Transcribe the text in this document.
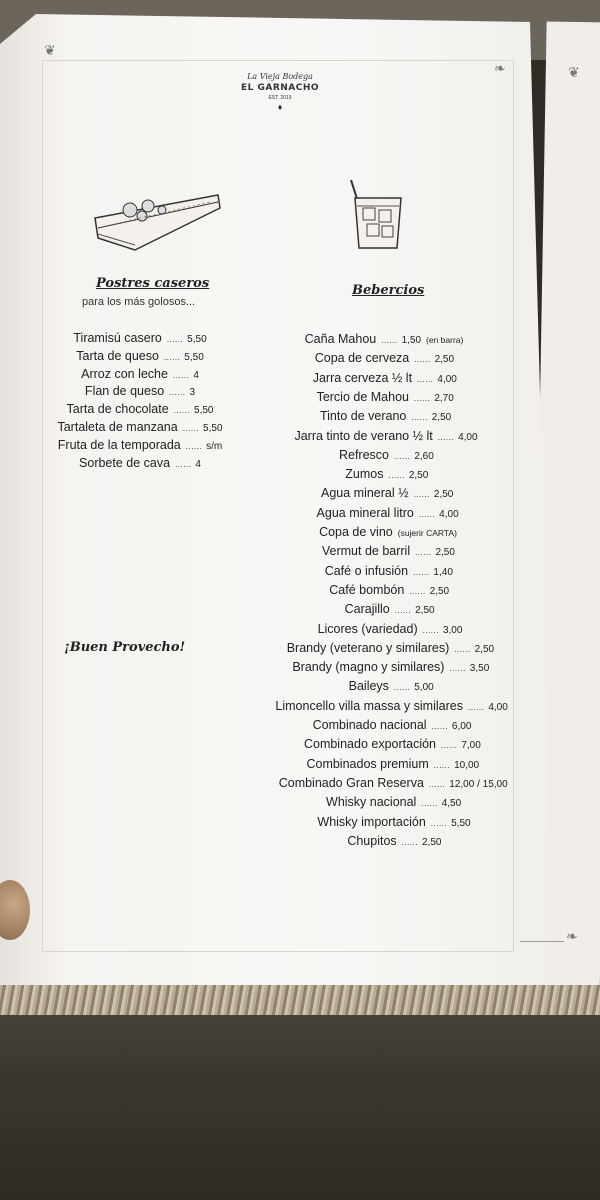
❦
❧
❧
❦
La Vieja Bodega
EL GARNACHO
EST. 2019
♦
Postres caseros
para los más golosos...
Bebercios
Tiramisú casero ...... 5,50
Tarta de queso ...... 5,50
Arroz con leche ...... 4
Flan de queso ...... 3
Tarta de chocolate ...... 5,50
Tartaleta de manzana ...... 5,50
Fruta de la temporada ...... s/m
Sorbete de cava ...... 4
Caña Mahou ...... 1,50 (en barra)
Copa de cerveza ...... 2,50
Jarra cerveza ½ lt ...... 4,00
Tercio de Mahou ...... 2,70
Tinto de verano ...... 2,50
Jarra tinto de verano ½ lt ...... 4,00
Refresco ...... 2,60
Zumos ...... 2,50
Agua mineral ½ ...... 2,50
Agua mineral litro ...... 4,00
Copa de vino (sujerir CARTA)
Vermut de barril ...... 2,50
Café o infusión ...... 1,40
Café bombón ...... 2,50
Carajillo ...... 2,50
Licores (variedad) ...... 3,00
Brandy (veterano y similares) ...... 2,50
Brandy (magno y similares) ...... 3,50
Baileys ...... 5,00
Limoncello villa massa y similares ...... 4,00
Combinado nacional ...... 6,00
Combinado exportación ...... 7,00
Combinados premium ...... 10,00
Combinado Gran Reserva ...... 12,00 / 15,00
Whisky nacional ...... 4,50
Whisky importación ...... 5,50
Chupitos ...... 2,50
¡Buen Provecho!
